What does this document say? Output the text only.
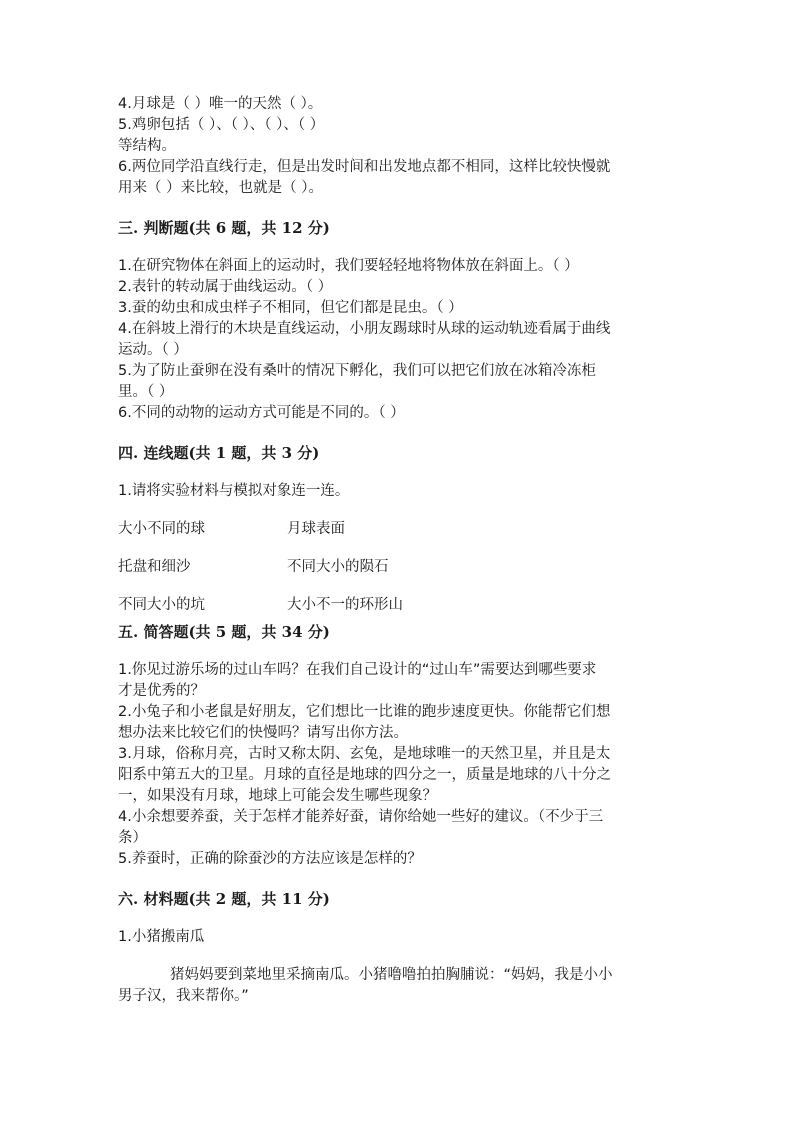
4.月球是（ ）唯一的天然（ ）。
5.鸡卵包括（ ）、（ ）、（ ）、（ ）
等结构。
6.两位同学沿直线行走，但是出发时间和出发地点都不相同，这样比较快慢就
用来（ ）来比较，也就是（ ）。
三. 判断题(共 6 题，共 12 分)
1.在研究物体在斜面上的运动时，我们要轻轻地将物体放在斜面上。（ ）
2.表针的转动属于曲线运动。（ ）
3.蚕的幼虫和成虫样子不相同，但它们都是昆虫。（ ）
4.在斜坡上滑行的木块是直线运动，小朋友踢球时从球的运动轨迹看属于曲线
运动。（ ）
5.为了防止蚕卵在没有桑叶的情况下孵化，我们可以把它们放在冰箱冷冻柜
里。（ ）
6.不同的动物的运动方式可能是不同的。（ ）
四. 连线题(共 1 题，共 3 分)
1.请将实验材料与模拟对象连一连。
大小不同的球	月球表面
托盘和细沙	不同大小的陨石
不同大小的坑	大小不一的环形山
五. 简答题(共 5 题，共 34 分)
1.你见过游乐场的过山车吗？在我们自己设计的“过山车”需要达到哪些要求
才是优秀的？
2.小兔子和小老鼠是好朋友，它们想比一比谁的跑步速度更快。你能帮它们想
想办法来比较它们的快慢吗？请写出你方法。
3.月球，俗称月亮，古时又称太阴、玄兔，是地球唯一的天然卫星，并且是太
阳系中第五大的卫星。月球的直径是地球的四分之一，质量是地球的八十分之
一，如果没有月球，地球上可能会发生哪些现象？
4.小余想要养蚕，关于怎样才能养好蚕，请你给她一些好的建议。（不少于三
条）
5.养蚕时，正确的除蚕沙的方法应该是怎样的？
六. 材料题(共 2 题，共 11 分)
1.小猪搬南瓜
猪妈妈要到菜地里采摘南瓜。小猪噜噜拍拍胸脯说：“妈妈，我是小小
男子汉，我来帮你。”
